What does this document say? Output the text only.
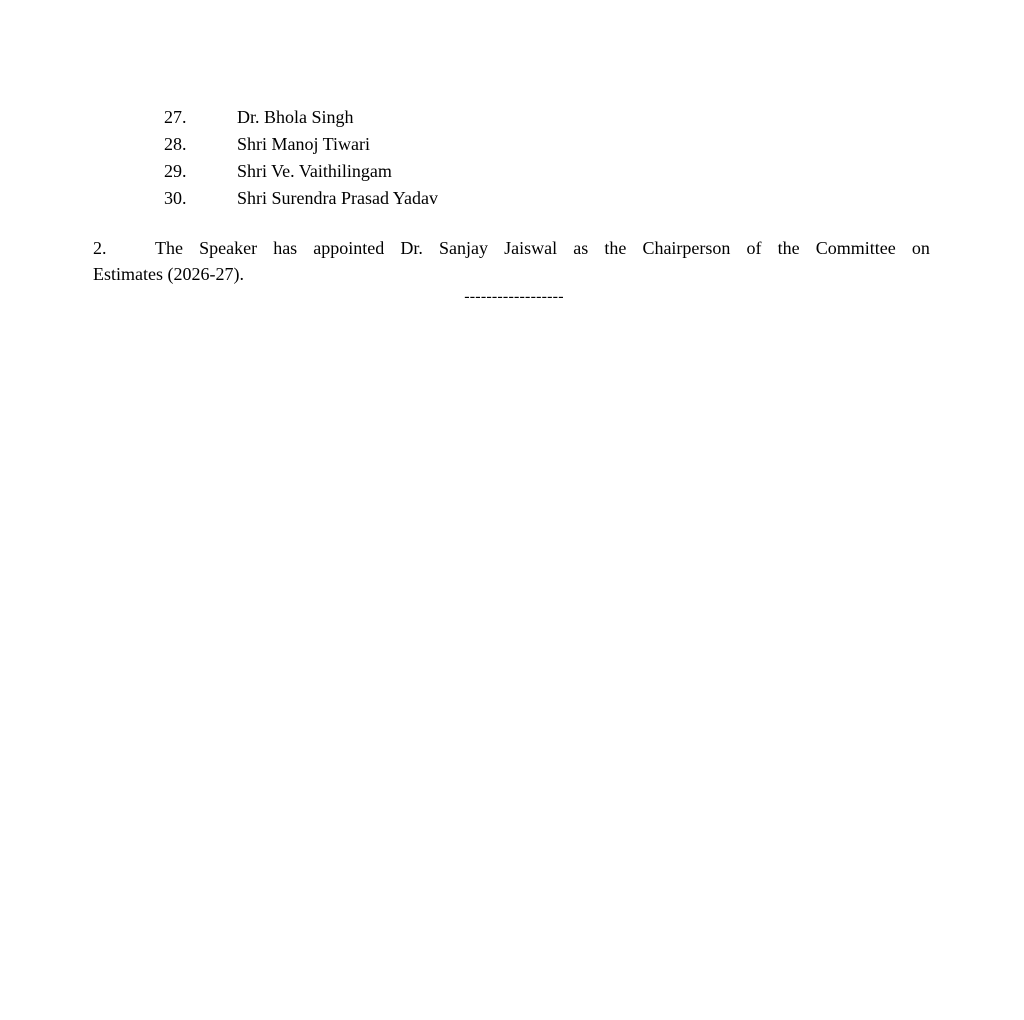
27.	Dr. Bhola Singh
28.	Shri Manoj Tiwari
29.	Shri Ve. Vaithilingam
30.	Shri Surendra Prasad Yadav
2.	The Speaker has appointed Dr. Sanjay Jaiswal as the Chairperson of the Committee on
Estimates (2026-27).
------------------
